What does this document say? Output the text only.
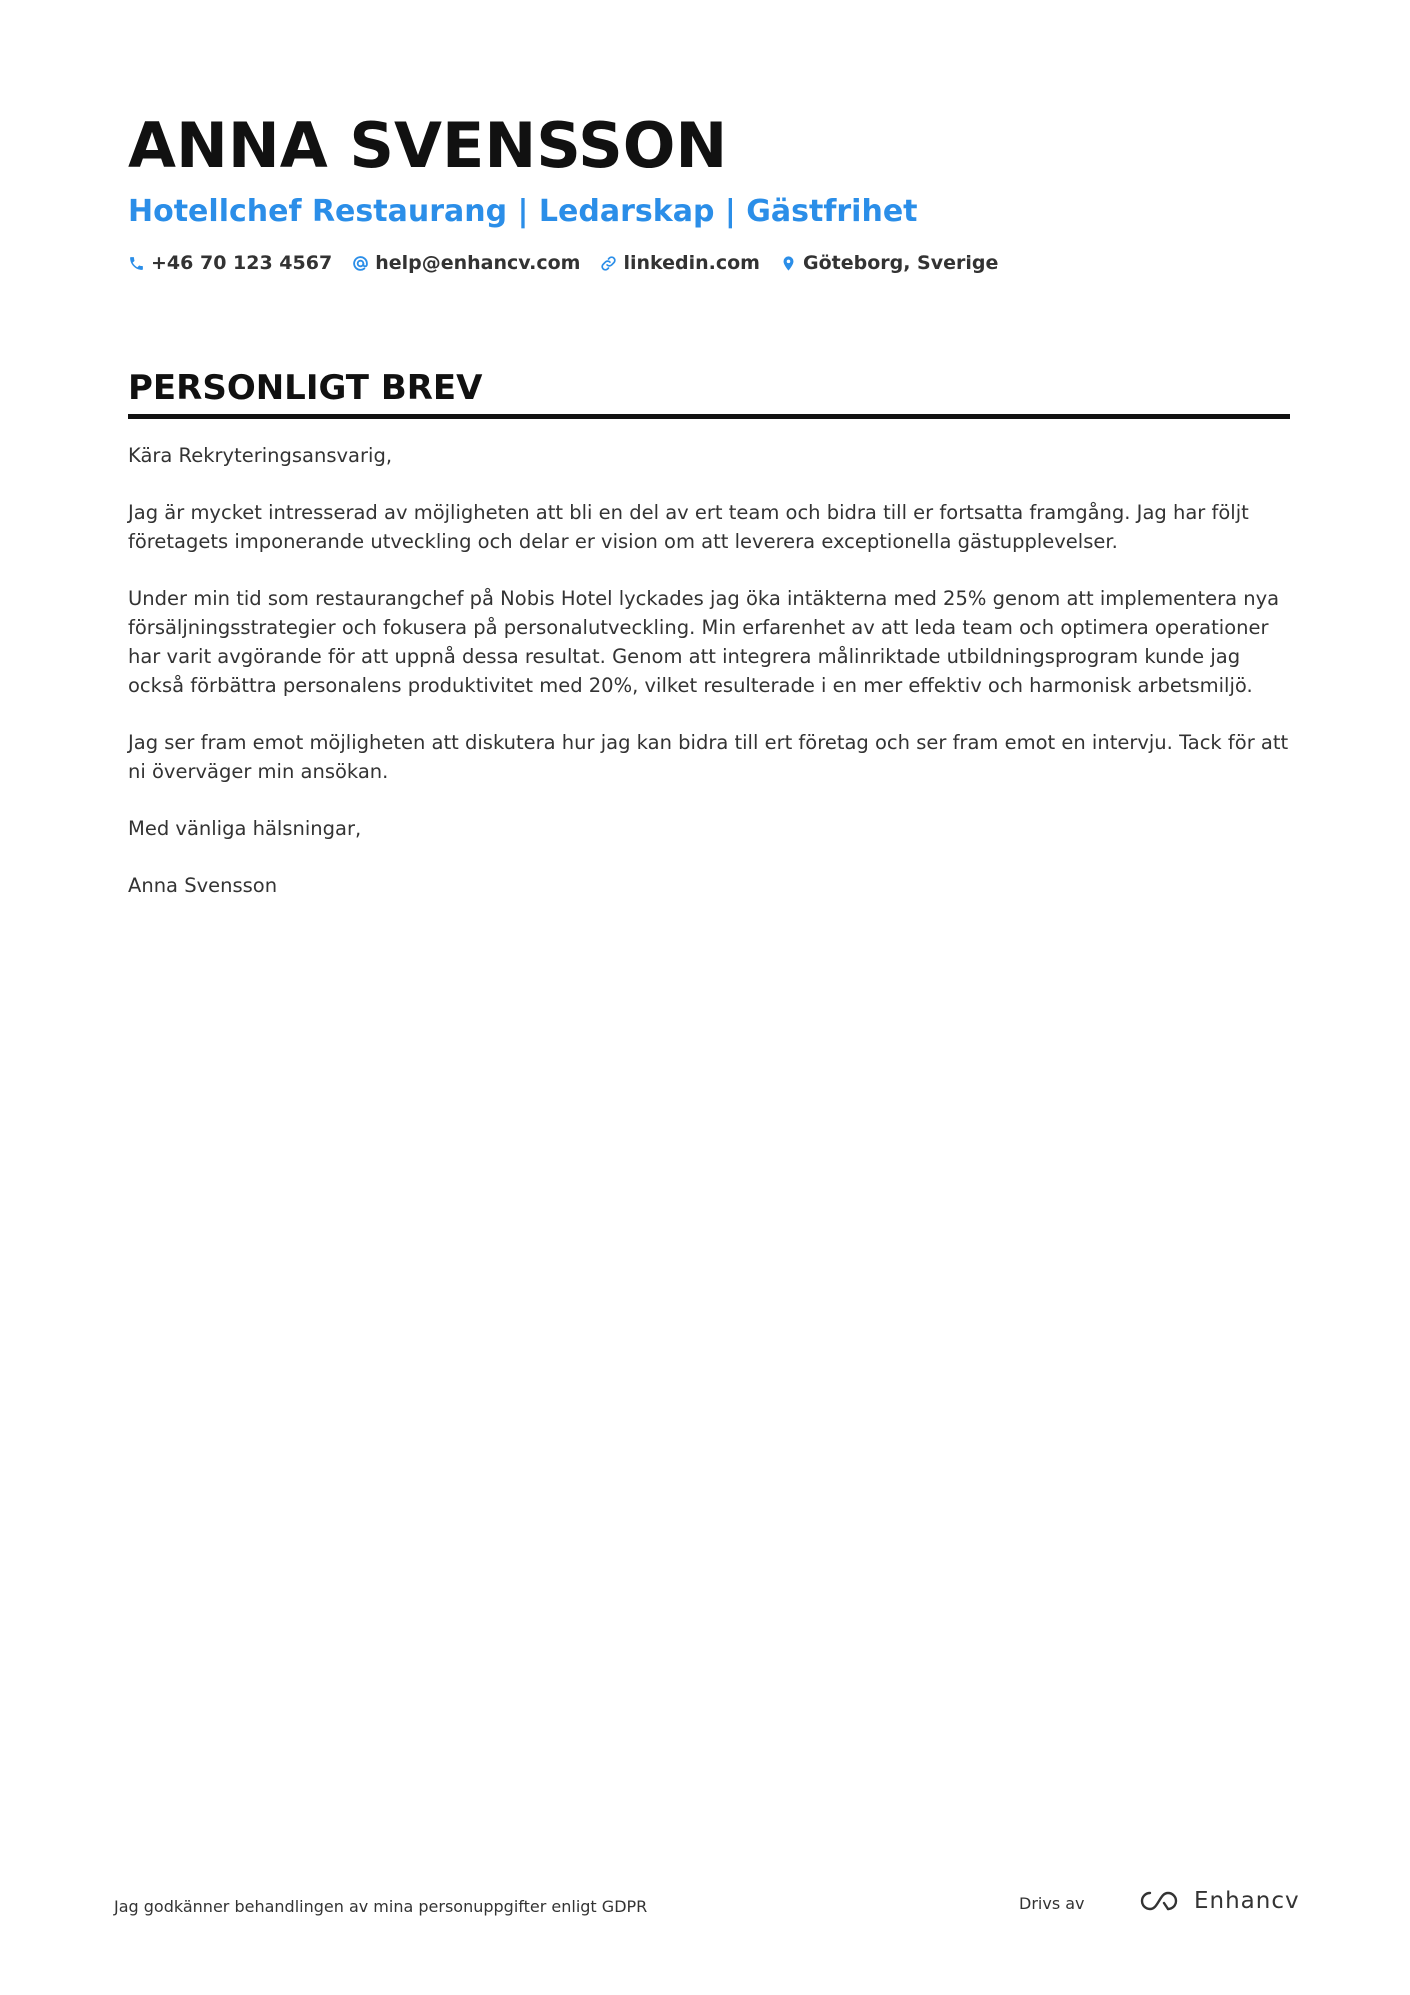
ANNA SVENSSON
Hotellchef Restaurang | Ledarskap | Gästfrihet
+46 70 123 4567 help@enhancv.com linkedin.com Göteborg, Sverige
PERSONLIGT BREV

Kära Rekryteringsansvarig,

Jag är mycket intresserad av möjligheten att bli en del av ert team och bidra till er fortsatta framgång. Jag har följt företagets imponerande utveckling och delar er vision om att leverera exceptionella gästupplevelser.

Under min tid som restaurangchef på Nobis Hotel lyckades jag öka intäkterna med 25% genom att implementera nya försäljningsstrategier och fokusera på personalutveckling. Min erfarenhet av att leda team och optimera operationer har varit avgörande för att uppnå dessa resultat. Genom att integrera målinriktade utbildningsprogram kunde jag också förbättra personalens produktivitet med 20%, vilket resulterade i en mer effektiv och harmonisk arbetsmiljö.

Jag ser fram emot möjligheten att diskutera hur jag kan bidra till ert företag och ser fram emot en intervju. Tack för att ni överväger min ansökan.

Med vänliga hälsningar,

Anna Svensson

Jag godkänner behandlingen av mina personuppgifter enligt GDPR	Drivs av	Enhancv
